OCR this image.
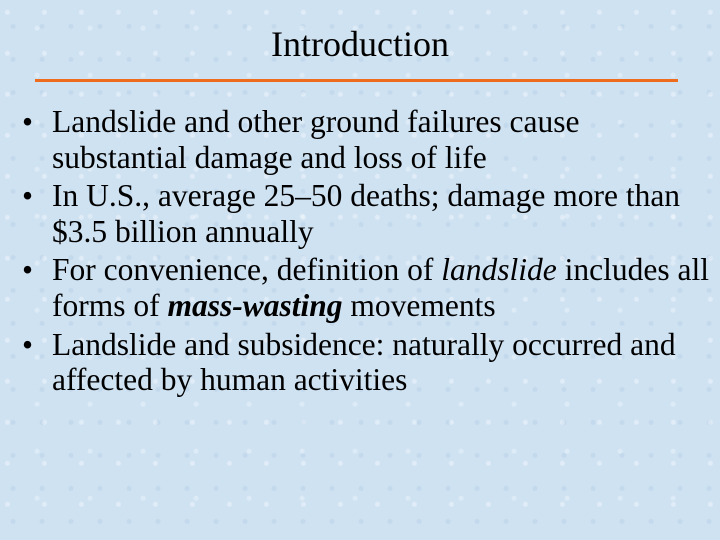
Introduction
• Landslide and other ground failures cause substantial damage and loss of life
• In U.S., average 25–50 deaths; damage more than $3.5 billion annually
• For convenience, definition of landslide includes all forms of mass-wasting movements
• Landslide and subsidence: naturally occurred and affected by human activities
